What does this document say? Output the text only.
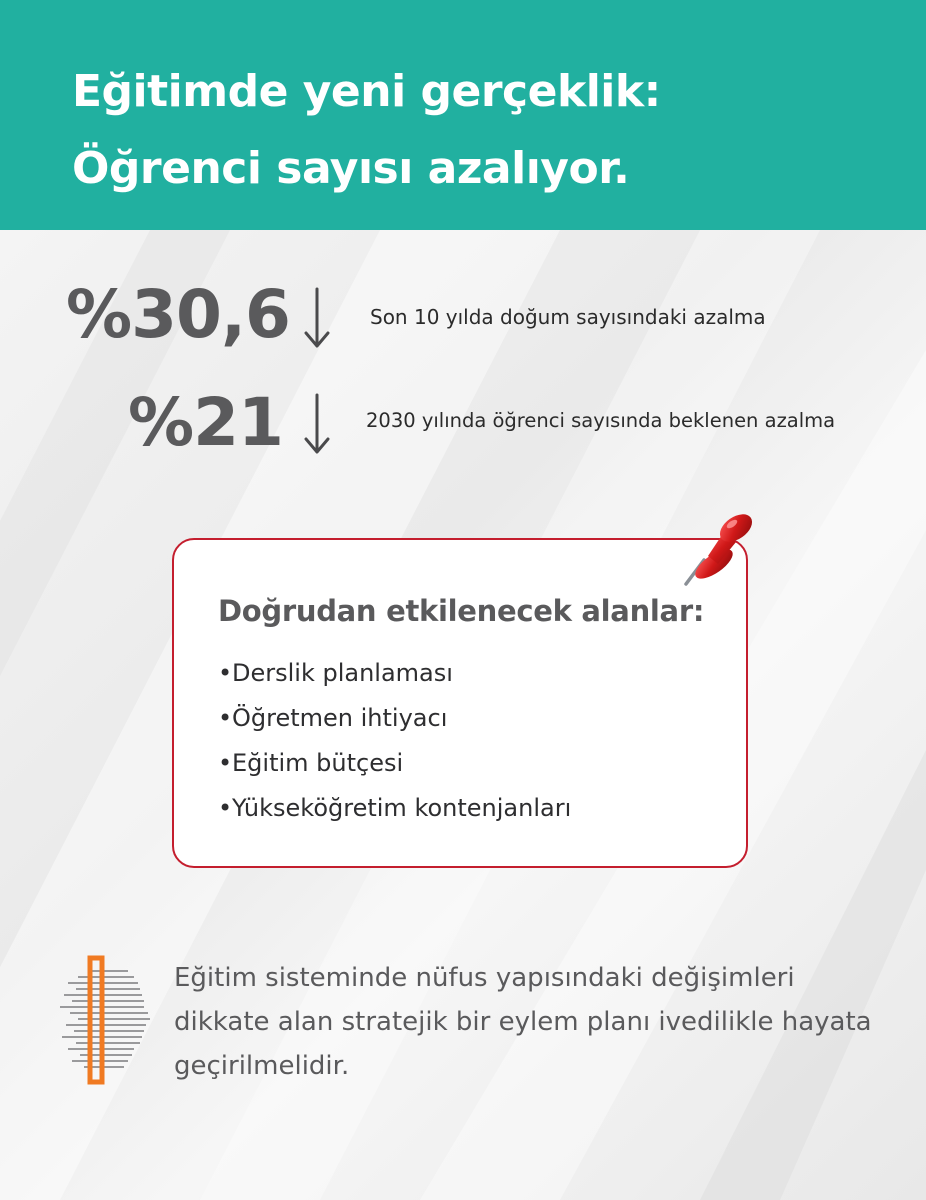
Eğitimde yeni gerçeklik:
Öğrenci sayısı azalıyor.
%30,6	Son 10 yılda doğum sayısındaki azalma
%21	2030 yılında öğrenci sayısında beklenen azalma
Doğrudan etkilenecek alanlar:
•Derslik planlaması
•Öğretmen ihtiyacı
•Eğitim bütçesi
•Yükseköğretim kontenjanları
Eğitim sisteminde nüfus yapısındaki değişimleri dikkate alan stratejik bir eylem planı ivedilikle hayata geçirilmelidir.
